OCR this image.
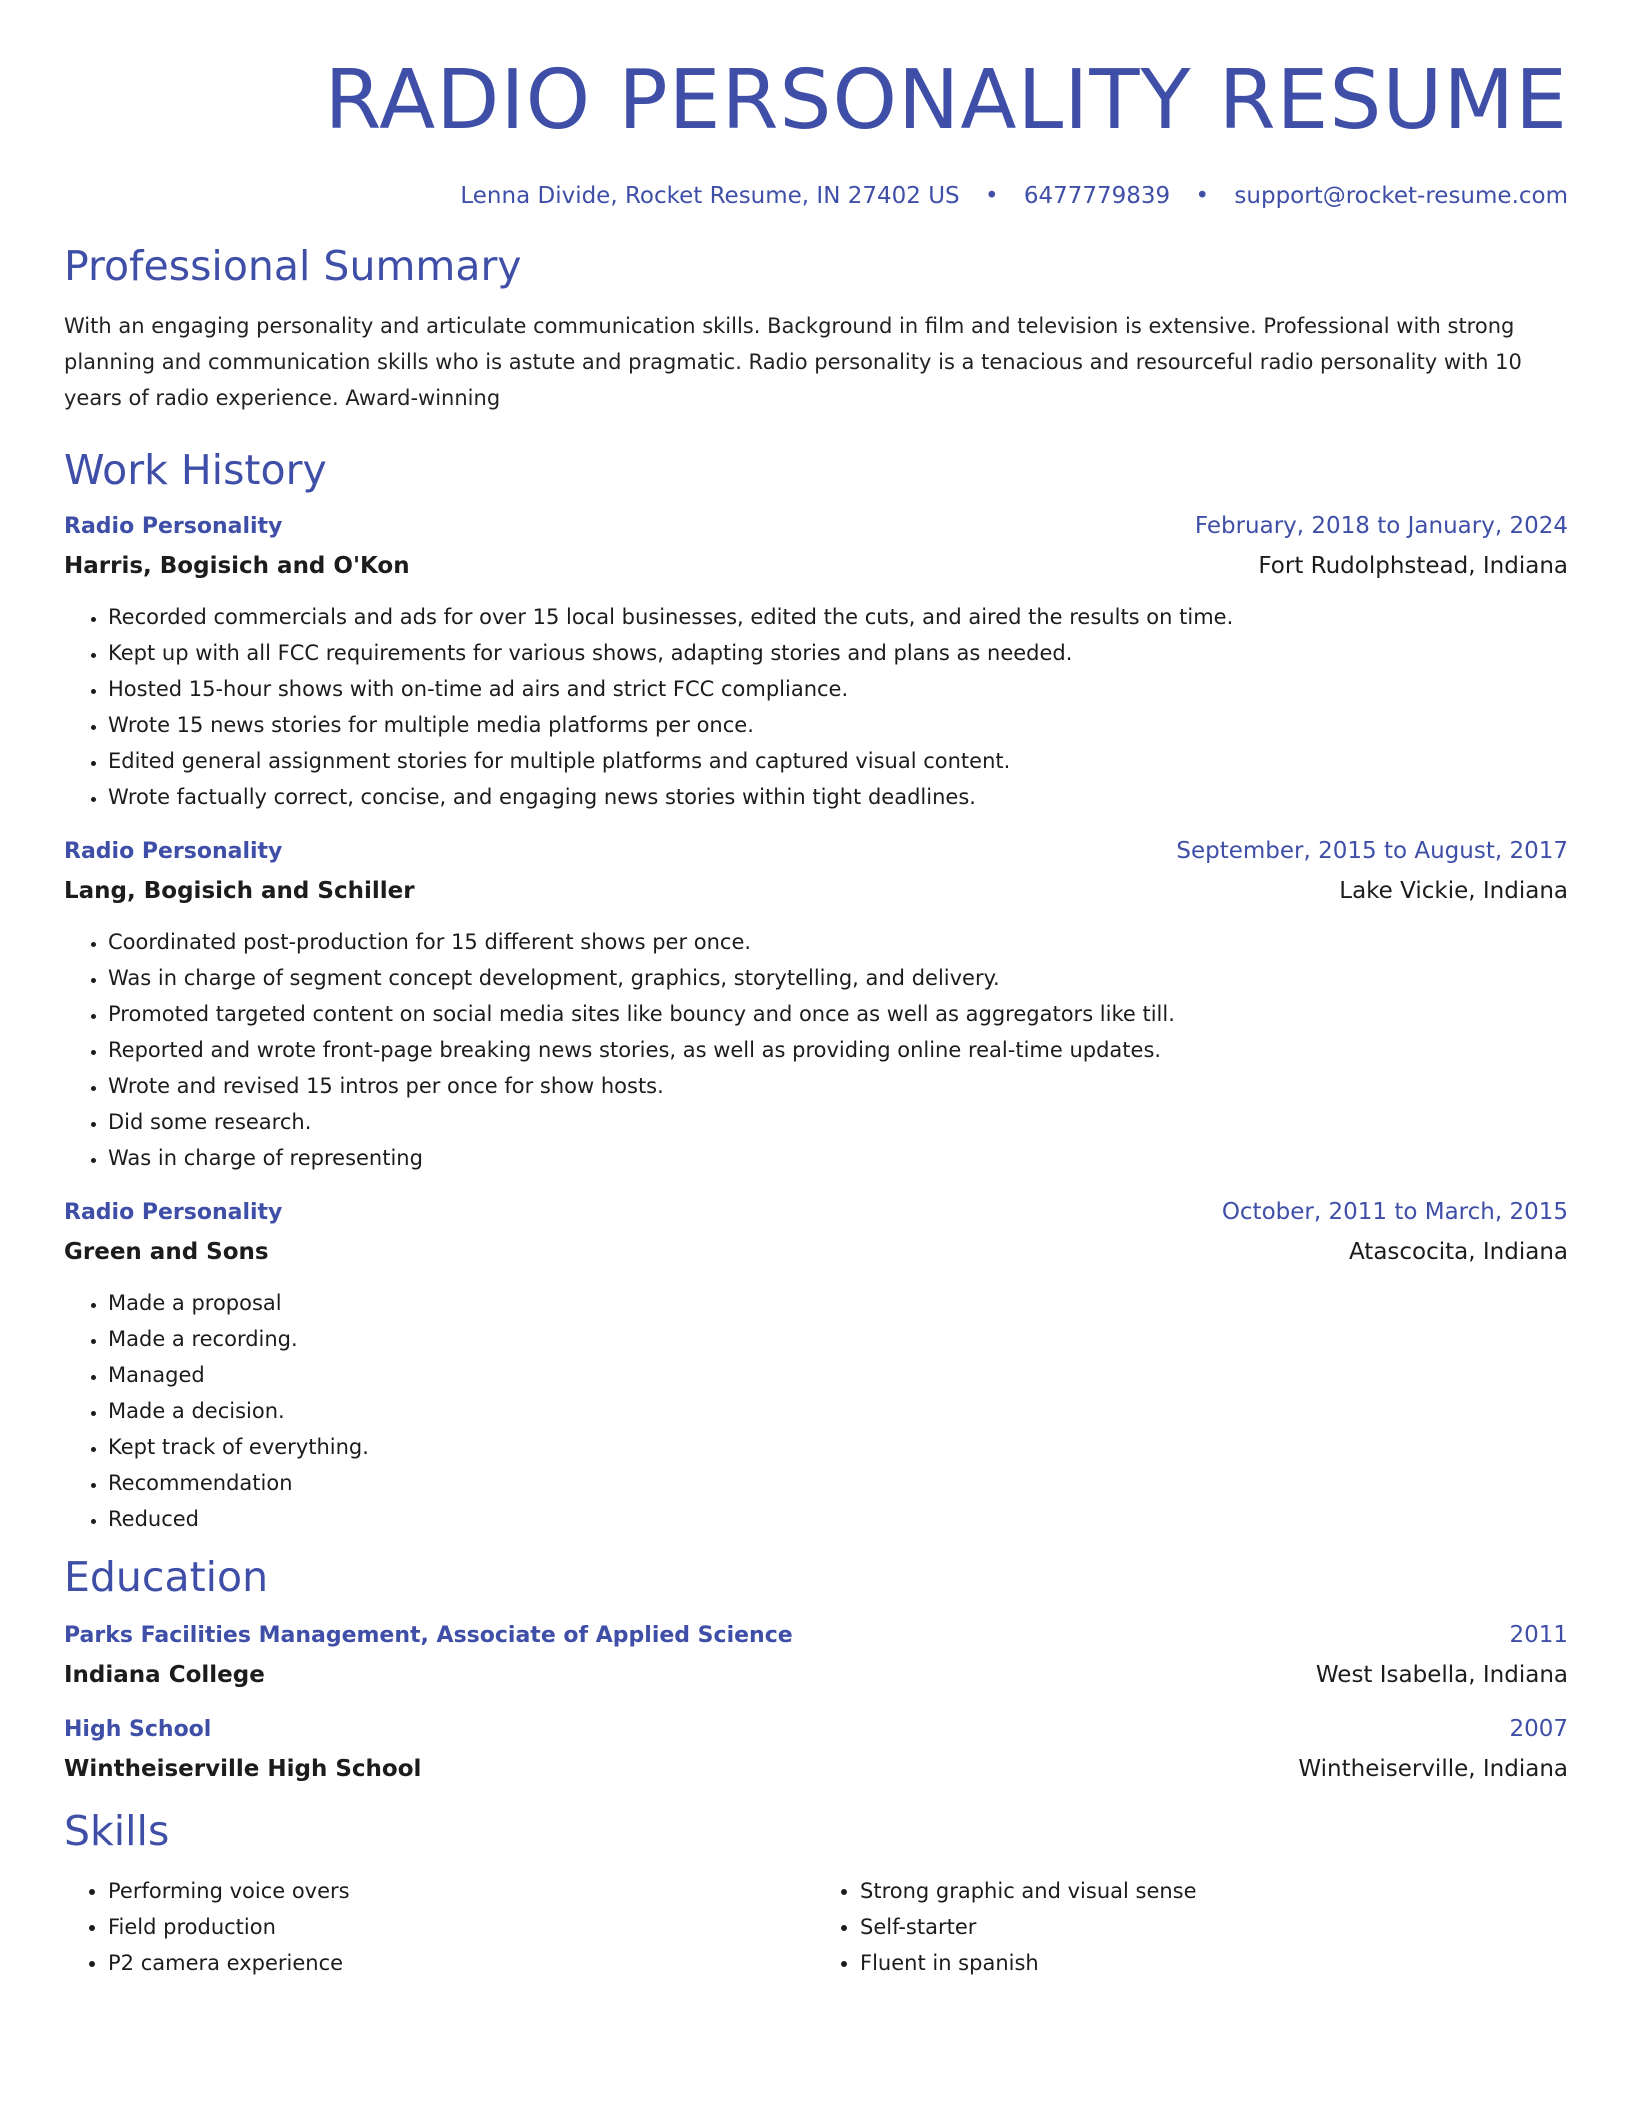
RADIO PERSONALITY RESUME
Lenna Divide, Rocket Resume, IN 27402 US • 6477779839 • support@rocket-resume.com
Professional Summary
With an engaging personality and articulate communication skills. Background in film and television is extensive. Professional with strong planning and communication skills who is astute and pragmatic. Radio personality is a tenacious and resourceful radio personality with 10 years of radio experience. Award-winning
Work History
Radio Personality	February, 2018 to January, 2024
Harris, Bogisich and O'Kon	Fort Rudolphstead, Indiana
• Recorded commercials and ads for over 15 local businesses, edited the cuts, and aired the results on time.
• Kept up with all FCC requirements for various shows, adapting stories and plans as needed.
• Hosted 15-hour shows with on-time ad airs and strict FCC compliance.
• Wrote 15 news stories for multiple media platforms per once.
• Edited general assignment stories for multiple platforms and captured visual content.
• Wrote factually correct, concise, and engaging news stories within tight deadlines.
Radio Personality	September, 2015 to August, 2017
Lang, Bogisich and Schiller	Lake Vickie, Indiana
• Coordinated post-production for 15 different shows per once.
• Was in charge of segment concept development, graphics, storytelling, and delivery.
• Promoted targeted content on social media sites like bouncy and once as well as aggregators like till.
• Reported and wrote front-page breaking news stories, as well as providing online real-time updates.
• Wrote and revised 15 intros per once for show hosts.
• Did some research.
• Was in charge of representing
Radio Personality	October, 2011 to March, 2015
Green and Sons	Atascocita, Indiana
• Made a proposal
• Made a recording.
• Managed
• Made a decision.
• Kept track of everything.
• Recommendation
• Reduced
Education
Parks Facilities Management, Associate of Applied Science	2011
Indiana College	West Isabella, Indiana
High School	2007
Wintheiserville High School	Wintheiserville, Indiana
Skills
• Performing voice overs
• Field production
• P2 camera experience
• Strong graphic and visual sense
• Self-starter
• Fluent in spanish
